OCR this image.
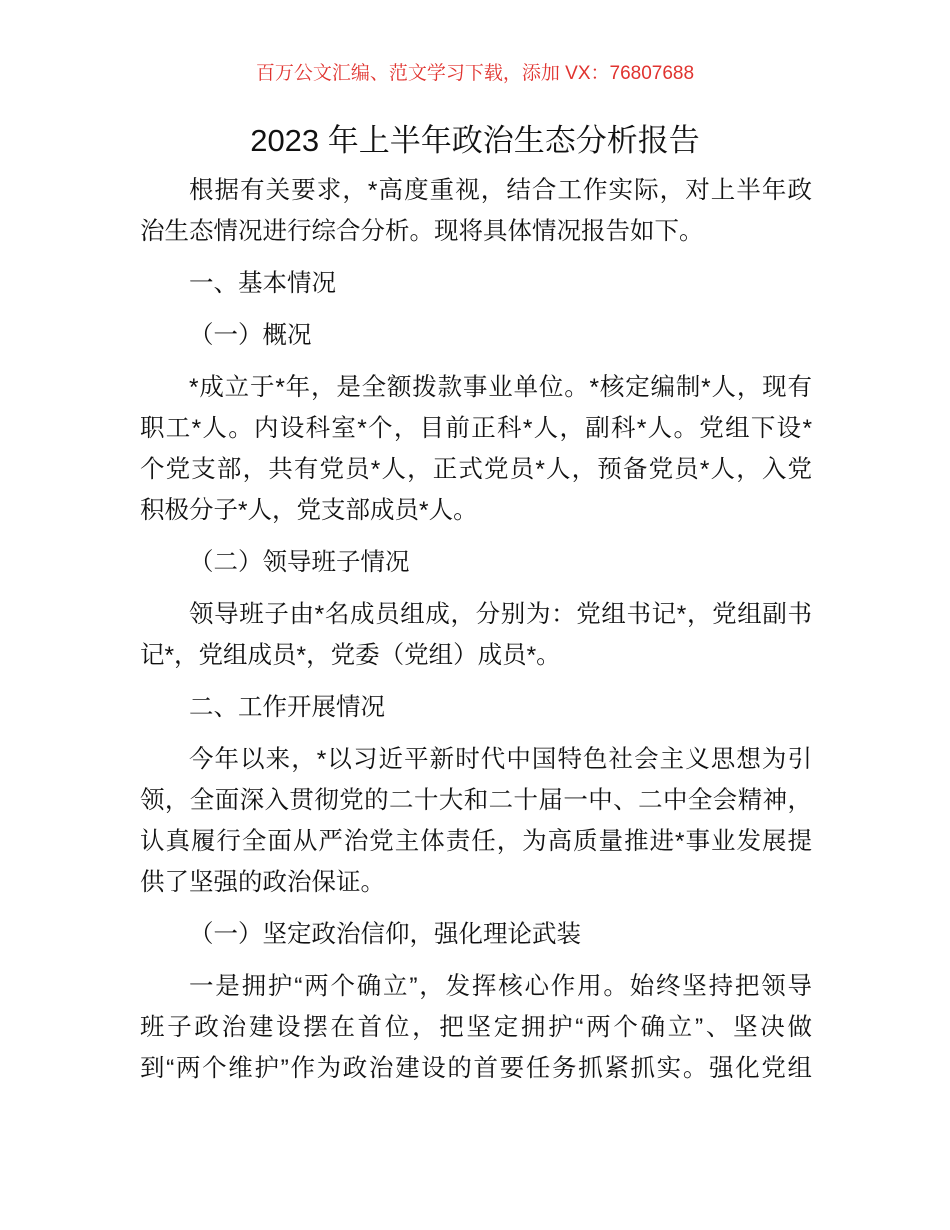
百万公文汇编、范文学习下载，添加 VX：76807688
2023 年上半年政治生态分析报告
根据有关要求，*高度重视，结合工作实际，对上半年政
治生态情况进行综合分析。现将具体情况报告如下。
一、基本情况
（一）概况
*成立于*年，是全额拨款事业单位。*核定编制*人，现有
职工*人。内设科室*个，目前正科*人，副科*人。党组下设*
个党支部，共有党员*人，正式党员*人，预备党员*人，入党
积极分子*人，党支部成员*人。
（二）领导班子情况
领导班子由*名成员组成，分别为：党组书记*，党组副书
记*，党组成员*，党委（党组）成员*。
二、工作开展情况
今年以来，*以习近平新时代中国特色社会主义思想为引
领，全面深入贯彻党的二十大和二十届一中、二中全会精神，
认真履行全面从严治党主体责任，为高质量推进*事业发展提
供了坚强的政治保证。
（一）坚定政治信仰，强化理论武装
一是拥护“两个确立”，发挥核心作用。始终坚持把领导
班子政治建设摆在首位，把坚定拥护“两个确立”、坚决做
到“两个维护”作为政治建设的首要任务抓紧抓实。强化党组
